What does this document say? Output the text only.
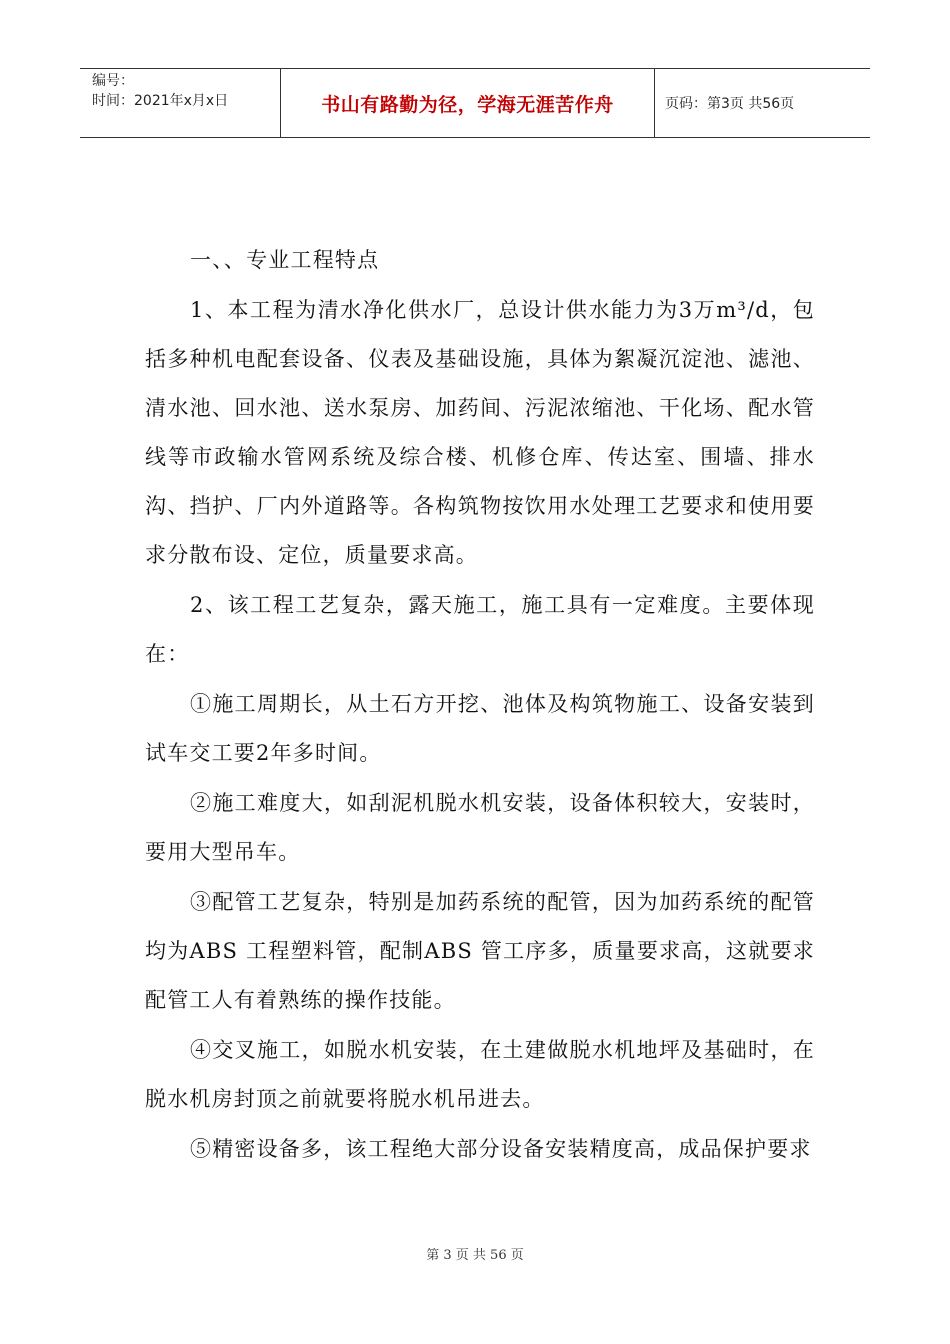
编号：
时间：2021年x月x日	书山有路勤为径，学海无涯苦作舟	页码：第3页 共56页

一、、专业工程特点

1、本工程为清水净化供水厂，总设计供水能力为3万m³/d，包括多种机电配套设备、仪表及基础设施，具体为絮凝沉淀池、滤池、清水池、回水池、送水泵房、加药间、污泥浓缩池、干化场、配水管线等市政输水管网系统及综合楼、机修仓库、传达室、围墙、排水沟、挡护、厂内外道路等。各构筑物按饮用水处理工艺要求和使用要求分散布设、定位，质量要求高。

2、该工程工艺复杂，露天施工，施工具有一定难度。主要体现在：

①施工周期长，从土石方开挖、池体及构筑物施工、设备安装到试车交工要2年多时间。

②施工难度大，如刮泥机脱水机安装，设备体积较大，安装时，要用大型吊车。

③配管工艺复杂，特别是加药系统的配管，因为加药系统的配管均为ABS 工程塑料管，配制ABS 管工序多，质量要求高，这就要求配管工人有着熟练的操作技能。

④交叉施工，如脱水机安装，在土建做脱水机地坪及基础时，在脱水机房封顶之前就要将脱水机吊进去。

⑤精密设备多，该工程绝大部分设备安装精度高，成品保护要求

第 3 页 共 56 页
